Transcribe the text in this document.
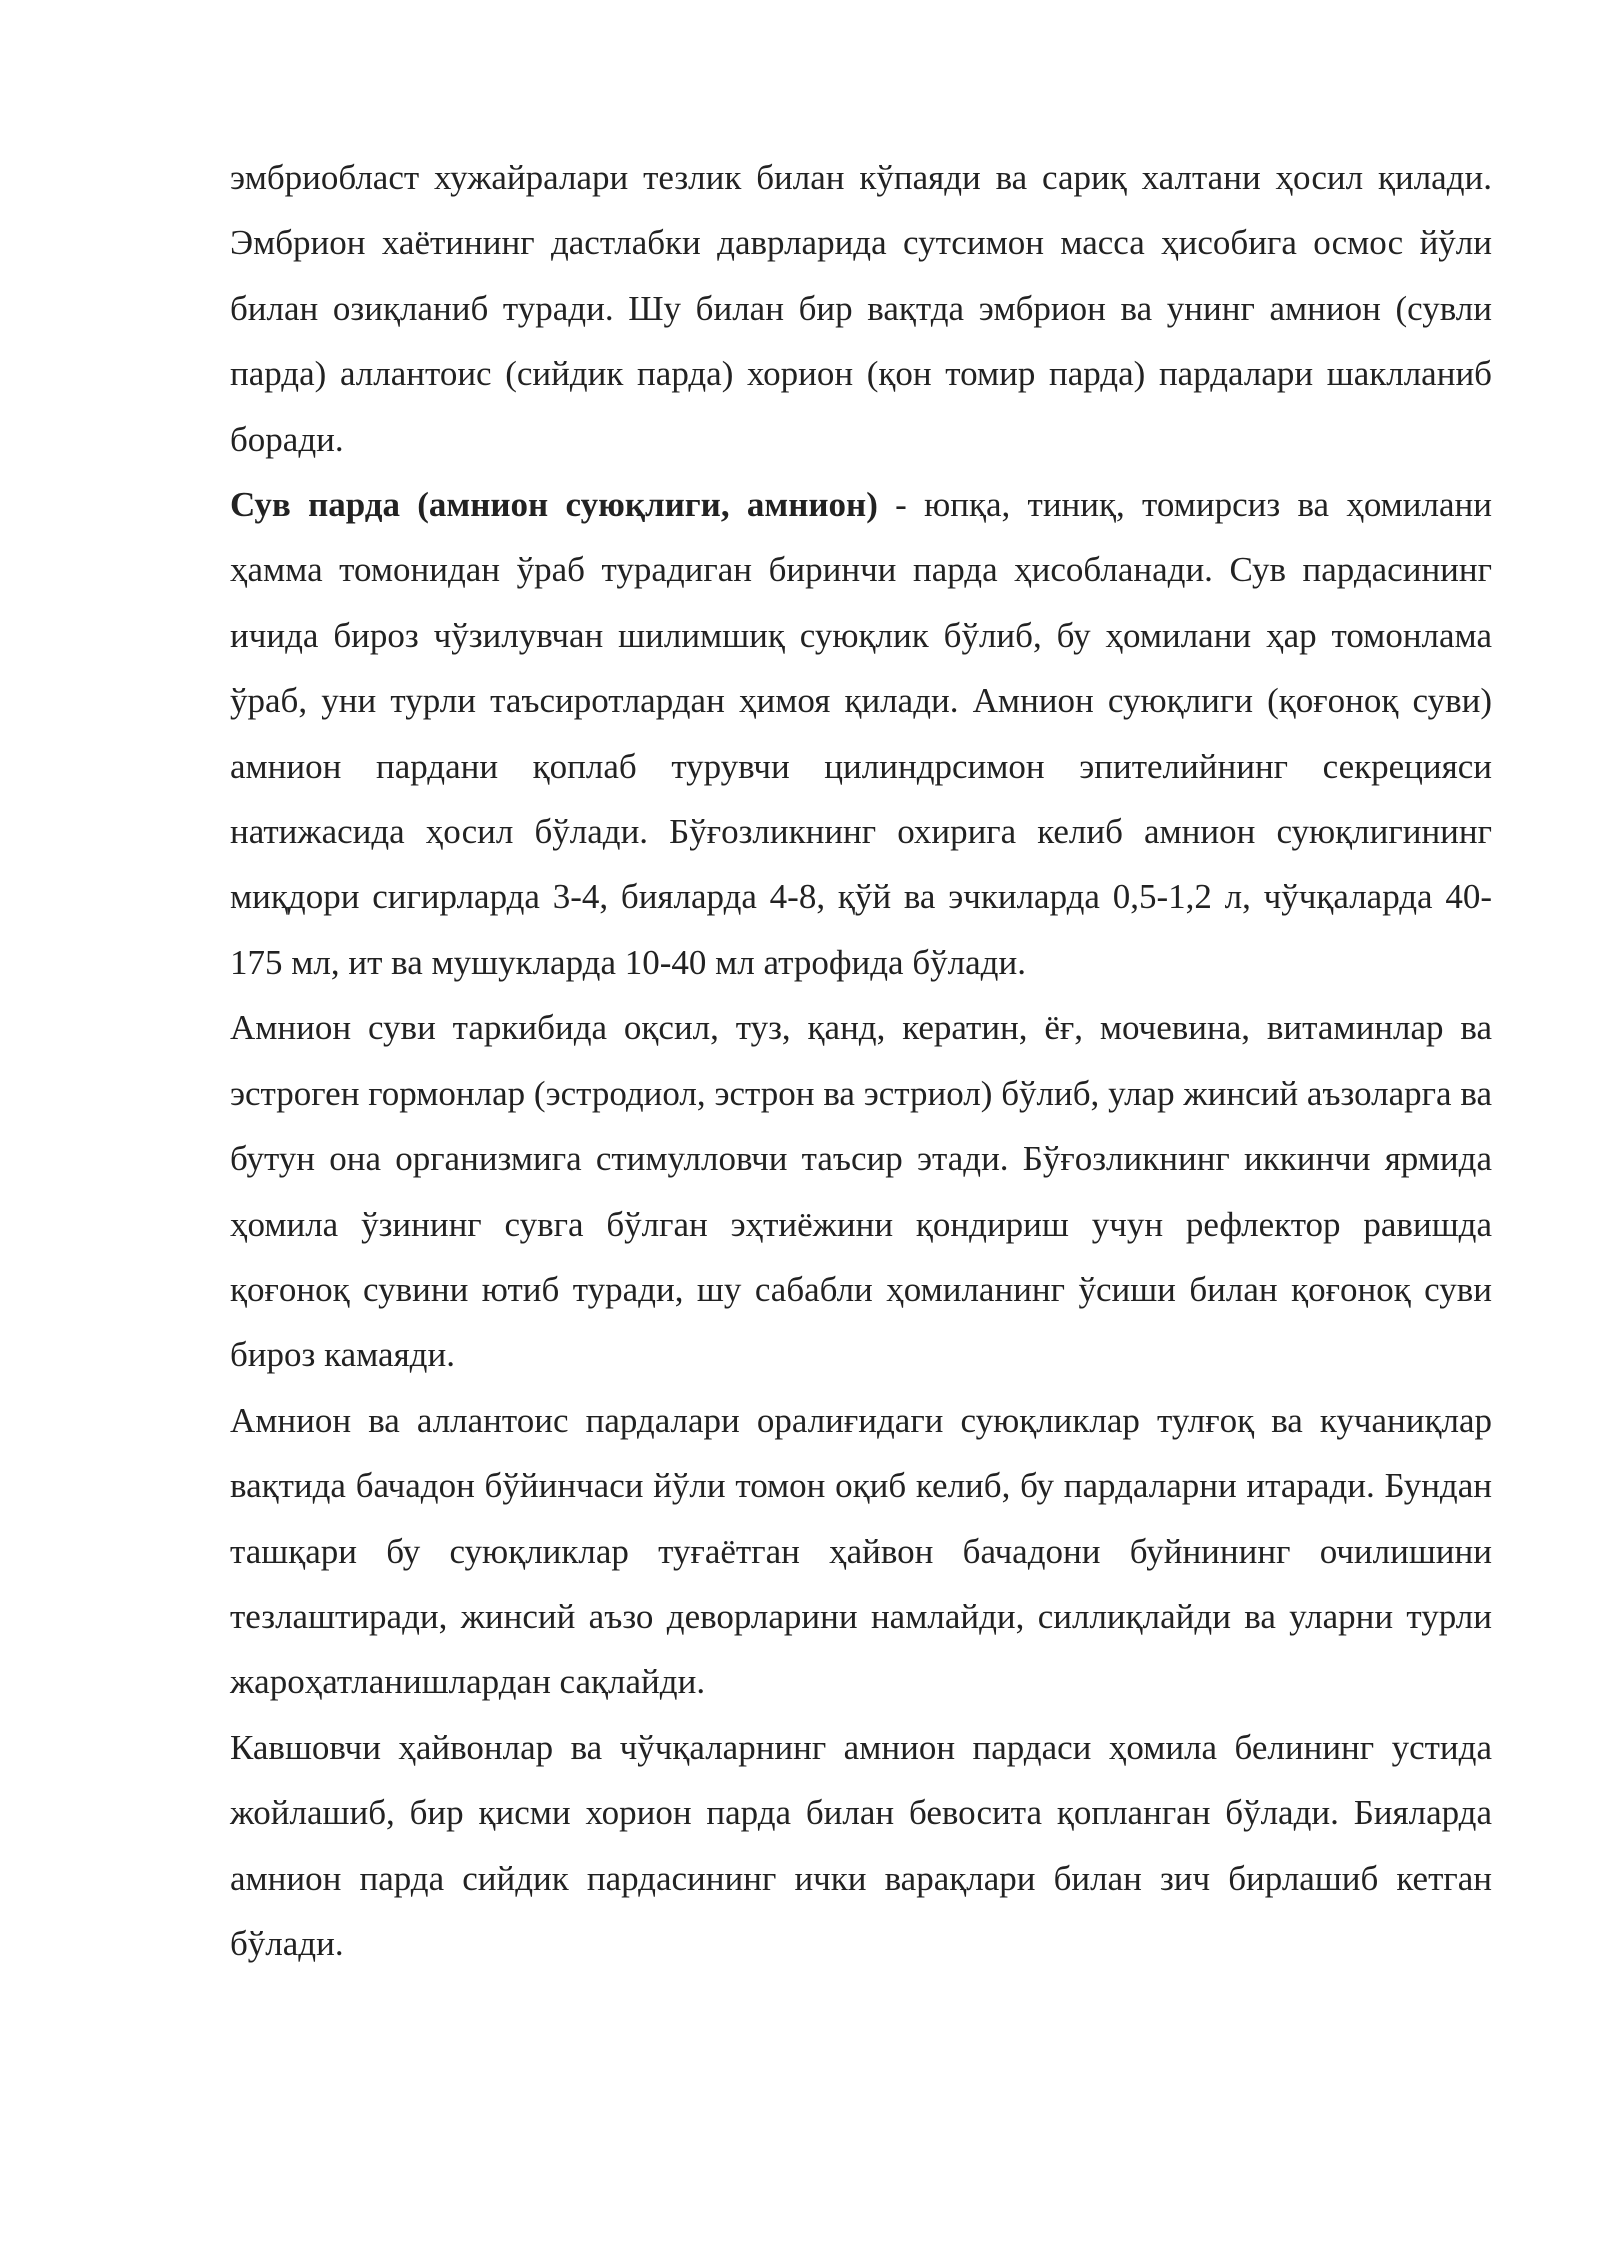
эмбриобласт хужайралари тезлик билан кўпаяди ва сариқ халтани ҳосил қилади. Эмбрион хаётининг дастлабки даврларида сутсимон масса ҳисобига осмос йўли билан озиқланиб туради. Шу билан бир вақтда эмбрион ва унинг амнион (сувли парда) аллантоис (сийдик парда) хорион (қон томир парда) пардалари шаклланиб боради.

Сув парда (амнион суюқлиги, амнион) - юпқа, тиниқ, томирсиз ва ҳомилани ҳамма томонидан ўраб турадиган биринчи парда ҳисобланади. Сув пардасининг ичида бироз чўзилувчан шилимшиқ суюқлик бўлиб, бу ҳомилани ҳар томонлама ўраб, уни турли таъсиротлардан ҳимоя қилади. Амнион суюқлиги (қоғоноқ суви) амнион пардани қоплаб турувчи цилиндрсимон эпителийнинг секрецияси натижасида ҳосил бўлади. Бўғозликнинг охирига келиб амнион суюқлигининг миқдори сигирларда 3-4, бияларда 4-8, қўй ва эчкиларда 0,5-1,2 л, чўчқаларда 40-175 мл, ит ва мушукларда 10-40 мл атрофида бўлади.

Амнион суви таркибида оқсил, туз, қанд, кератин, ёғ, мочевина, витаминлар ва эстроген гормонлар (эстродиол, эстрон ва эстриол) бўлиб, улар жинсий аъзоларга ва бутун она организмига стимулловчи таъсир этади. Бўғозликнинг иккинчи ярмида ҳомила ўзининг сувга бўлган эҳтиёжини қондириш учун рефлектор равишда қоғоноқ сувини ютиб туради, шу сабабли ҳомиланинг ўсиши билан қоғоноқ суви бироз камаяди.

Амнион ва аллантоис пардалари оралиғидаги суюқликлар тулғоқ ва кучаниқлар вақтида бачадон бўйинчаси йўли томон оқиб келиб, бу пардаларни итаради. Бундан ташқари бу суюқликлар туғаётган ҳайвон бачадони буйнининг очилишини тезлаштиради, жинсий аъзо деворларини намлайди, силлиқлайди ва уларни турли жароҳатланишлардан сақлайди.

Кавшовчи ҳайвонлар ва чўчқаларнинг амнион пардаси ҳомила белининг устида жойлашиб, бир қисми хорион парда билан бевосита қопланган бўлади. Бияларда амнион парда сийдик пардасининг ички варақлари билан зич бирлашиб кетган бўлади.
